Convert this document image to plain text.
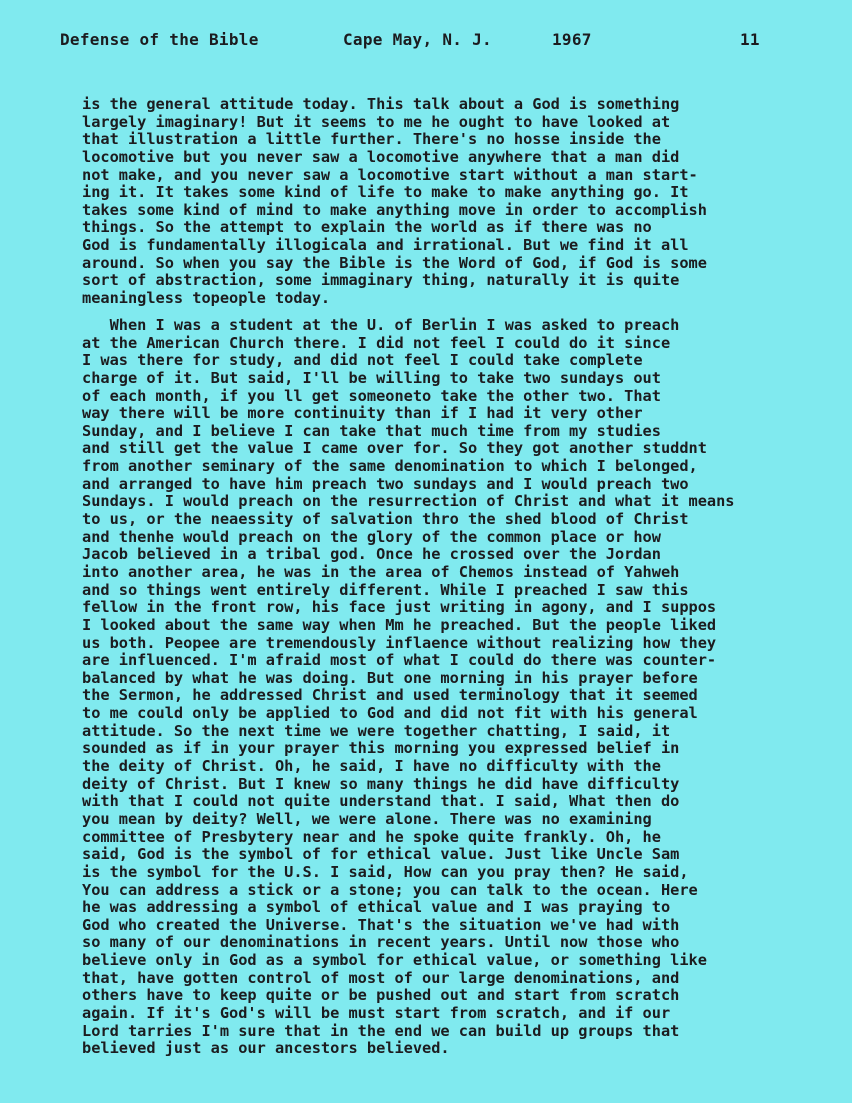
Defense of the Bible	Cape May, N. J.	1967	11
is the general attitude today. This talk about a God is something
largely imaginary! But it seems to me he ought to have looked at
that illustration a little further. There's no hosse inside the
locomotive but you never saw a locomotive anywhere that a man did
not make, and you never saw a locomotive start without a man start-
ing it. It takes some kind of life to make to make anything go. It
takes some kind of mind to make anything move in order to accomplish
things. So the attempt to explain the world as if there was no
God is fundamentally illogicala and irrational. But we find it all
around. So when you say the Bible is the Word of God, if God is some
sort of abstraction, some immaginary thing, naturally it is quite
meaningless topeople today.
When I was a student at the U. of Berlin I was asked to preach
at the American Church there. I did not feel I could do it since
I was there for study, and did not feel I could take complete
charge of it. But said, I'll be willing to take two sundays out
of each month, if you ll get someoneto take the other two. That
way there will be more continuity than if I had it very other
Sunday, and I believe I can take that much time from my studies
and still get the value I came over for. So they got another studdnt
from another seminary of the same denomination to which I belonged,
and arranged to have him preach two sundays and I would preach two
Sundays. I would preach on the resurrection of Christ and what it means
to us, or the neaessity of salvation thro the shed blood of Christ
and thenhe would preach on the glory of the common place or how
Jacob believed in a tribal god. Once he crossed over the Jordan
into another area, he was in the area of Chemos instead of Yahweh
and so things went entirely different. While I preached I saw this
fellow in the front row, his face just writing in agony, and I suppos
I looked about the same way when Mm he preached. But the people liked
us both. Peopee are tremendously inflaence without realizing how they
are influenced. I'm afraid most of what I could do there was counter-
balanced by what he was doing. But one morning in his prayer before
the Sermon, he addressed Christ and used terminology that it seemed
to me could only be applied to God and did not fit with his general
attitude. So the next time we were together chatting, I said, it
sounded as if in your prayer this morning you expressed belief in
the deity of Christ. Oh, he said, I have no difficulty with the
deity of Christ. But I knew so many things he did have difficulty
with that I could not quite understand that. I said, What then do
you mean by deity? Well, we were alone. There was no examining
committee of Presbytery near and he spoke quite frankly. Oh, he
said, God is the symbol of for ethical value. Just like Uncle Sam
is the symbol for the U.S. I said, How can you pray then? He said,
You can address a stick or a stone; you can talk to the ocean. Here
he was addressing a symbol of ethical value and I was praying to
God who created the Universe. That's the situation we've had with
so many of our denominations in recent years. Until now those who
believe only in God as a symbol for ethical value, or something like
that, have gotten control of most of our large denominations, and
others have to keep quite or be pushed out and start from scratch
again. If it's God's will be must start from scratch, and if our
Lord tarries I'm sure that in the end we can build up groups that
believed just as our ancestors believed.
